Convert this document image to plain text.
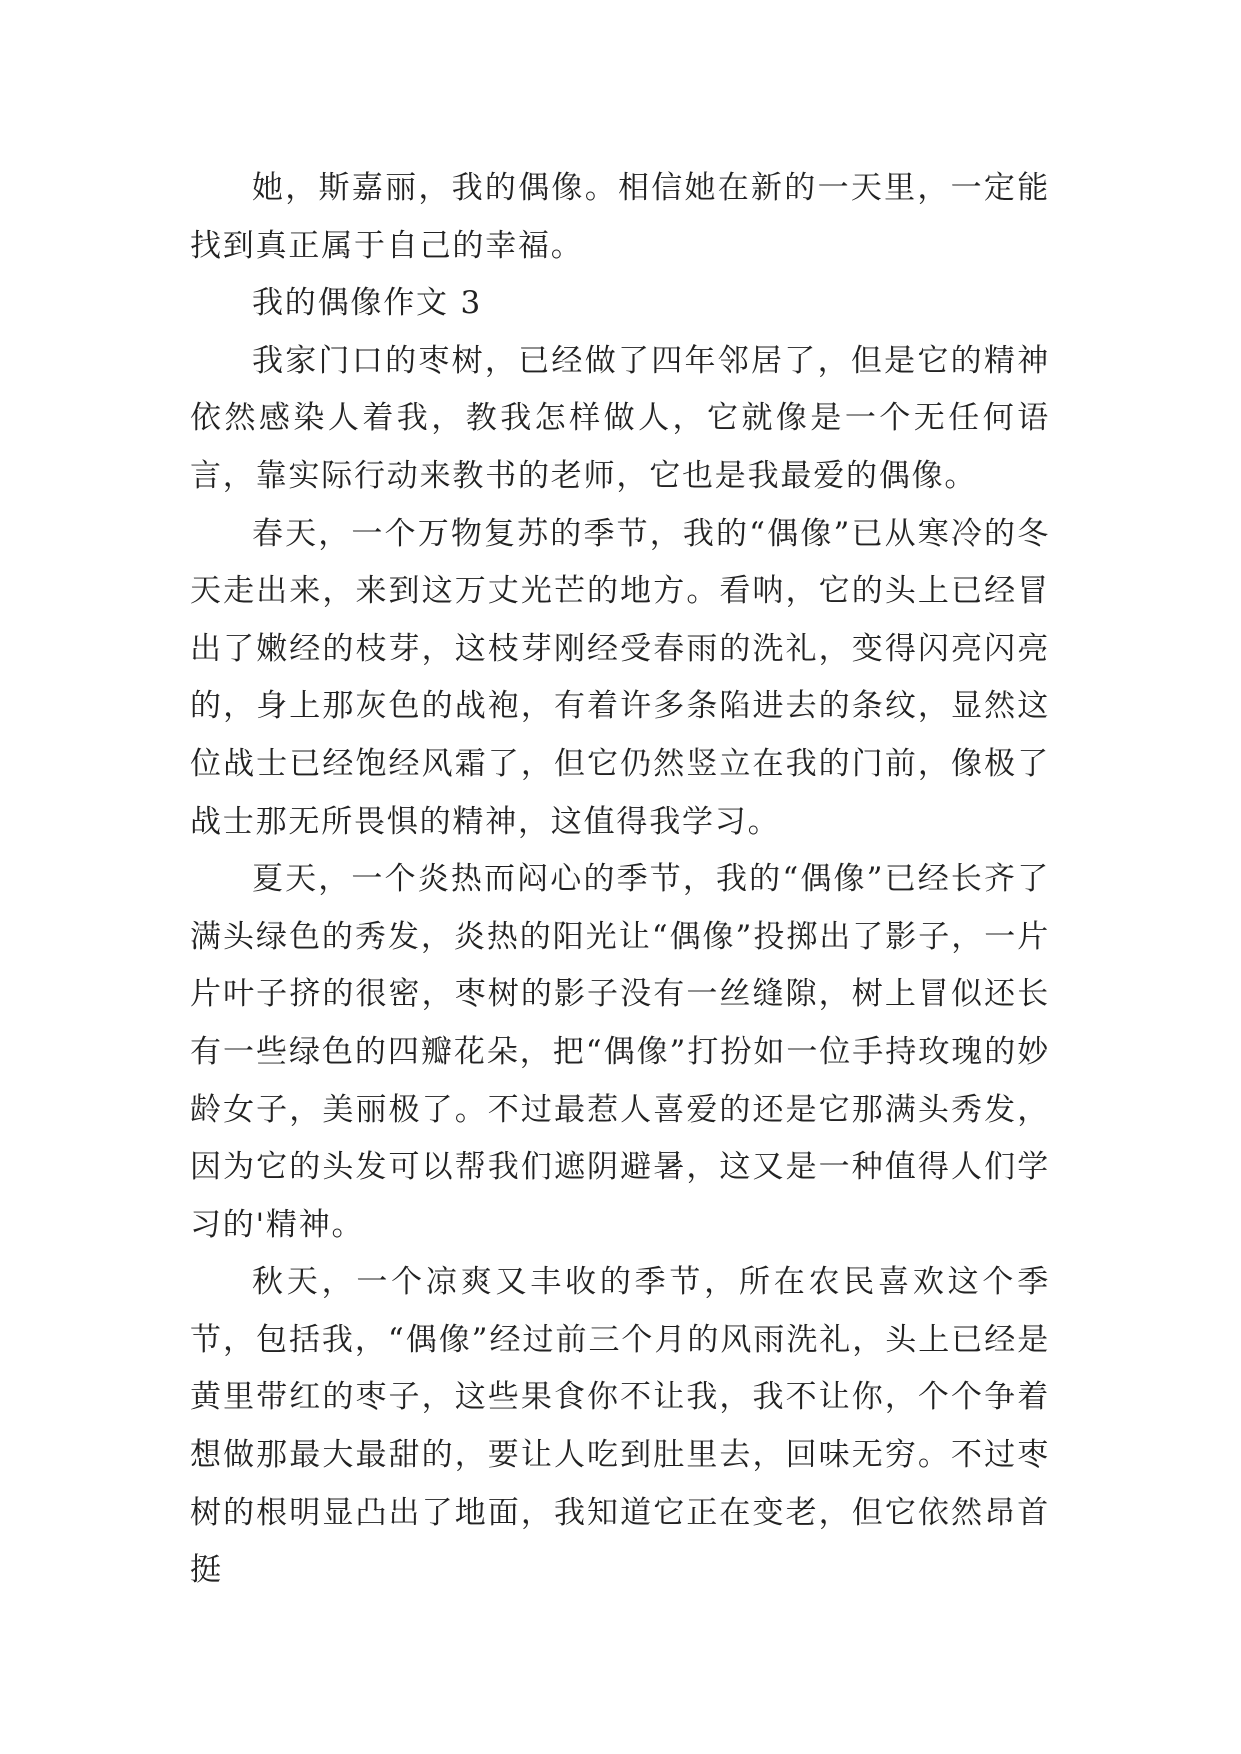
她，斯嘉丽，我的偶像。相信她在新的一天里，一定能找到真正属于自己的幸福。

我的偶像作文 3

我家门口的枣树，已经做了四年邻居了，但是它的精神依然感染人着我，教我怎样做人，它就像是一个无任何语言，靠实际行动来教书的老师，它也是我最爱的偶像。

春天，一个万物复苏的季节，我的“偶像”已从寒冷的冬天走出来，来到这万丈光芒的地方。看呐，它的头上已经冒出了嫩经的枝芽，这枝芽刚经受春雨的洗礼，变得闪亮闪亮的，身上那灰色的战袍，有着许多条陷进去的条纹，显然这位战士已经饱经风霜了，但它仍然竖立在我的门前，像极了战士那无所畏惧的精神，这值得我学习。

夏天，一个炎热而闷心的季节，我的“偶像”已经长齐了满头绿色的秀发，炎热的阳光让“偶像”投掷出了影子，一片片叶子挤的很密，枣树的影子没有一丝缝隙，树上冒似还长有一些绿色的四瓣花朵，把“偶像”打扮如一位手持玫瑰的妙龄女子，美丽极了。不过最惹人喜爱的还是它那满头秀发，因为它的头发可以帮我们遮阴避暑，这又是一种值得人们学习的'精神。

秋天，一个凉爽又丰收的季节，所在农民喜欢这个季节，包括我，“偶像”经过前三个月的风雨洗礼，头上已经是黄里带红的枣子，这些果食你不让我，我不让你，个个争着想做那最大最甜的，要让人吃到肚里去，回味无穷。不过枣树的根明显凸出了地面，我知道它正在变老，但它依然昂首挺
